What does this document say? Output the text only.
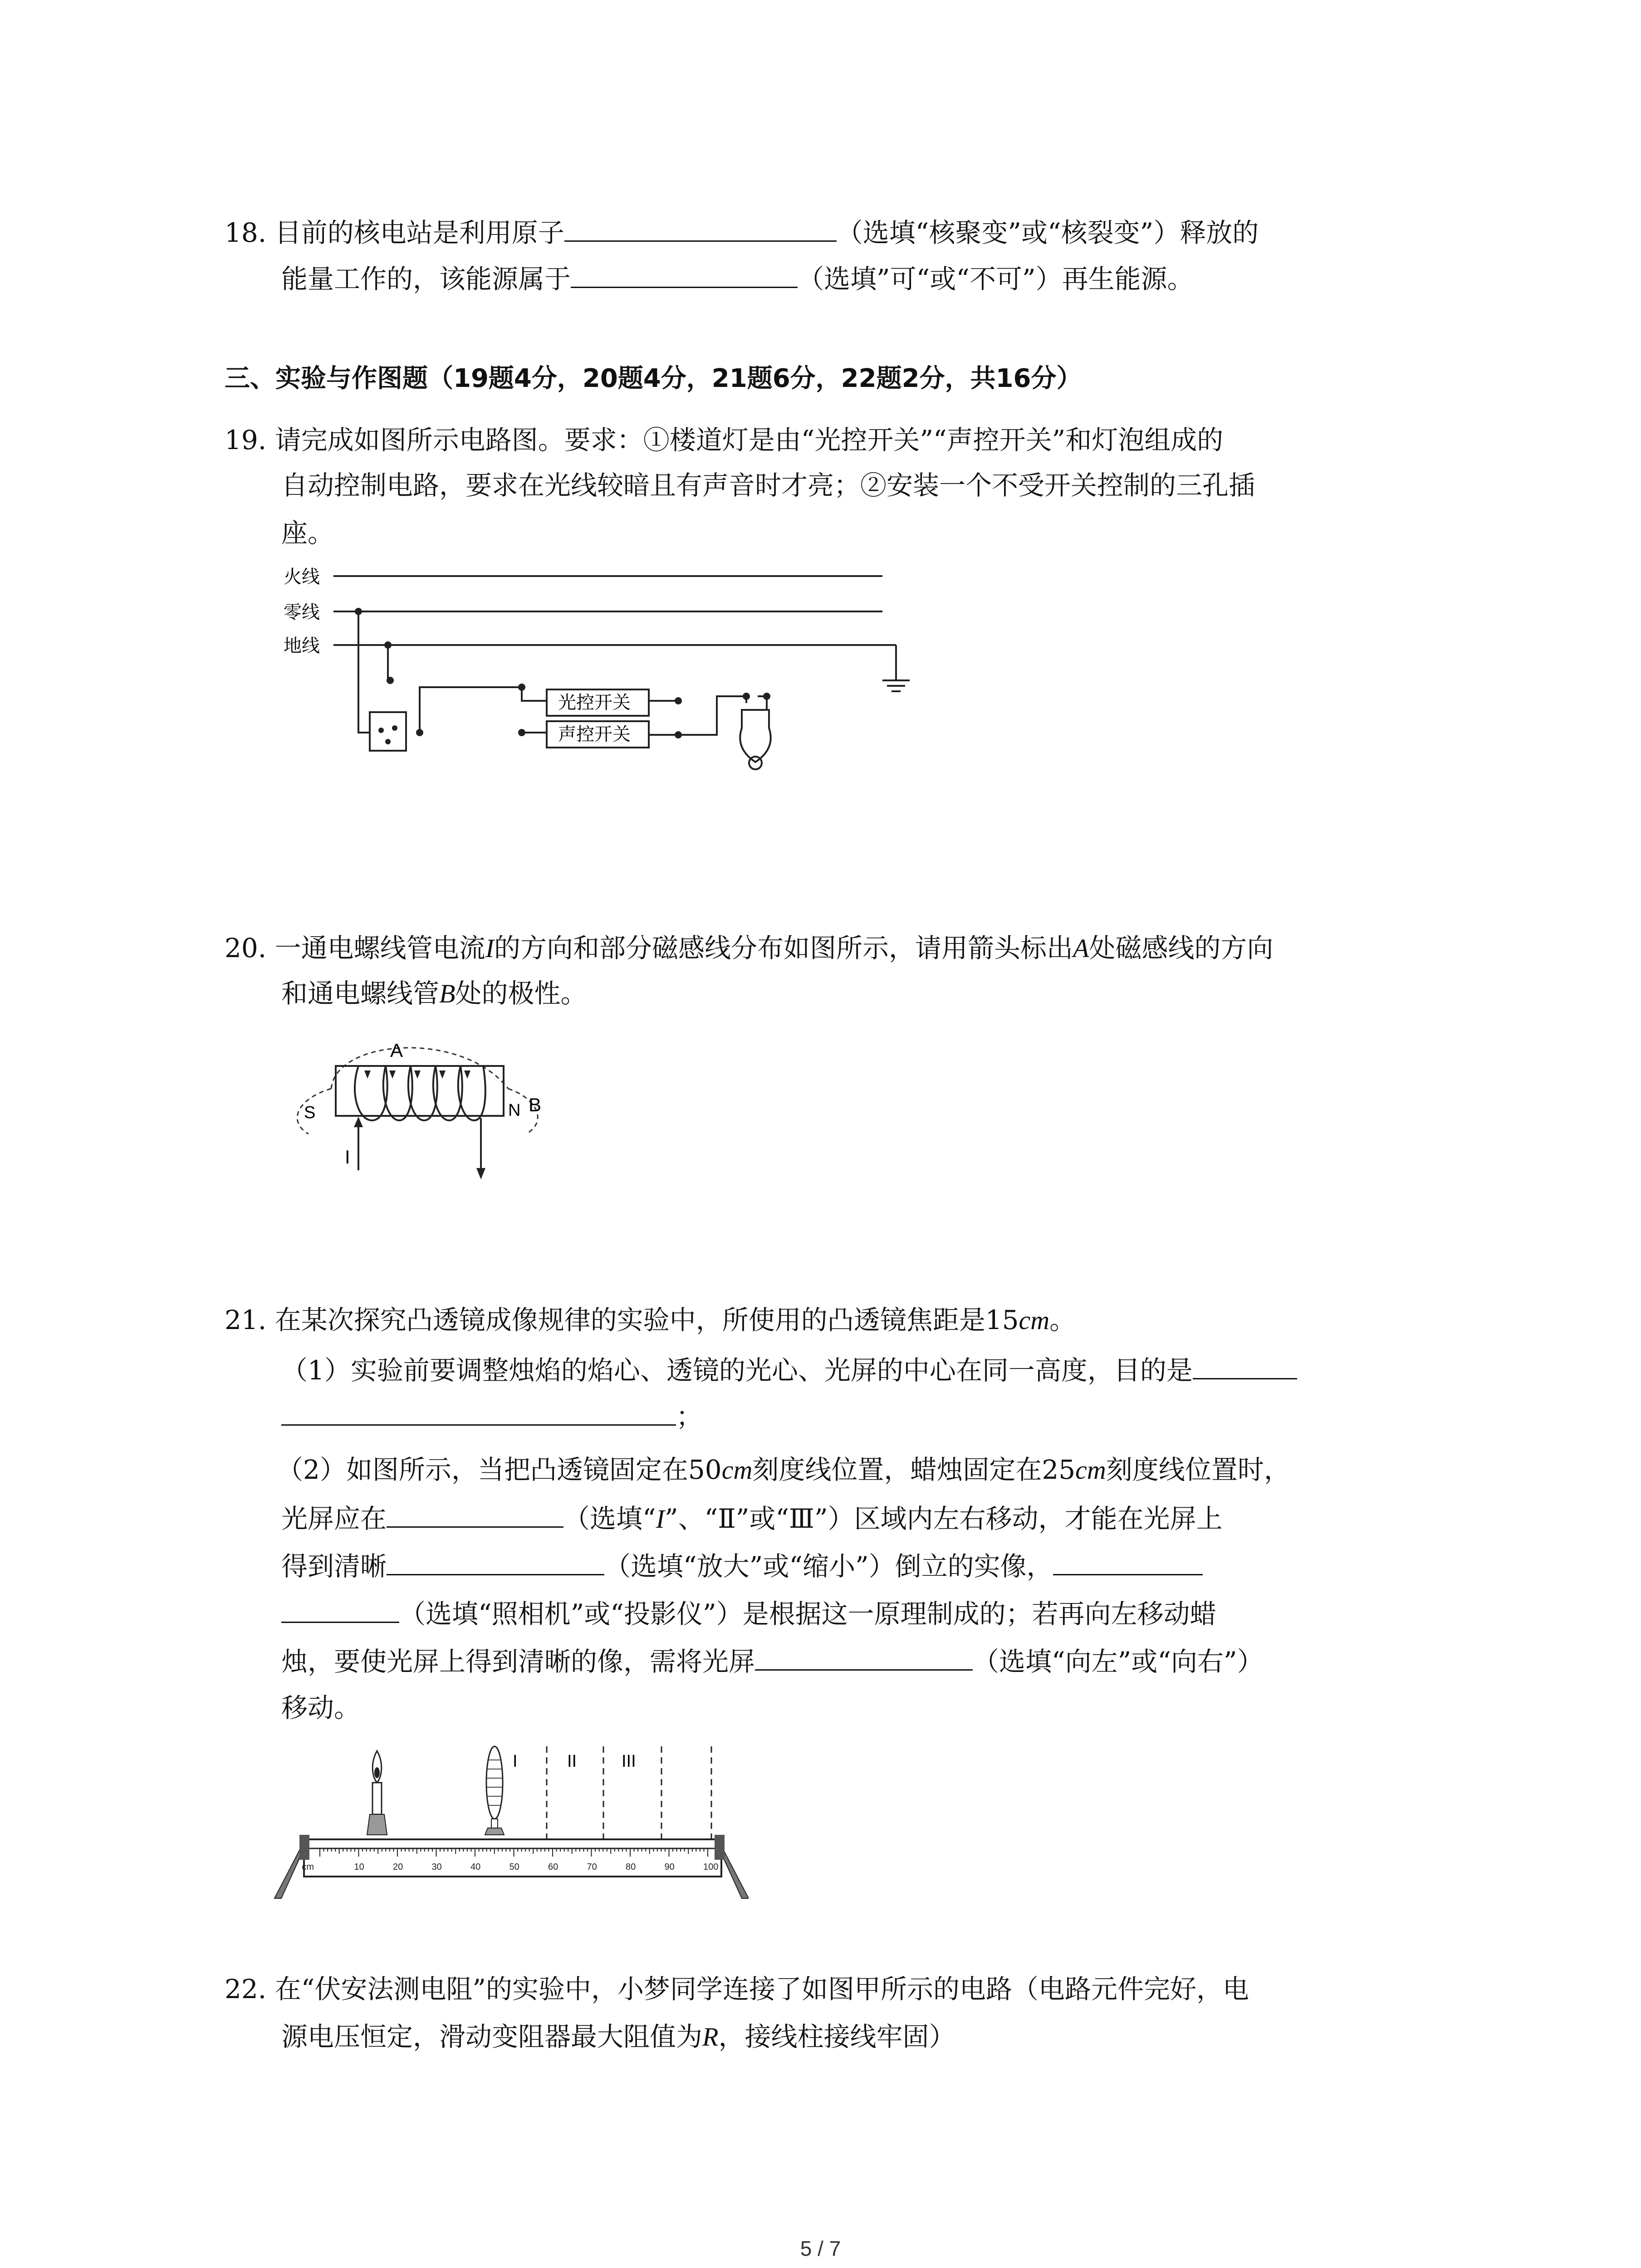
18. 目前的核电站是利用原子	（选填“核聚变”或“核裂变”）释放的
能量工作的，该能源属于	（选填”可“或“不可”）再生能源。
三、实验与作图题（19题4分，20题4分，21题6分，22题2分，共16分）
19. 请完成如图所示电路图。要求：①楼道灯是由“光控开关”“声控开关”和灯泡组成的
自动控制电路，要求在光线较暗且有声音时才亮；②安装一个不受开关控制的三孔插
座。
火线
零线
地线
光控开关
声控开关
20. 一通电螺线管电流I的方向和部分磁感线分布如图所示，请用箭头标出A处磁感线的方向
和通电螺线管B处的极性。
A
S	N B
I
21. 在某次探究凸透镜成像规律的实验中，所使用的凸透镜焦距是15cm。
（1）实验前要调整烛焰的焰心、透镜的光心、光屏的中心在同一高度，目的是
；
（2）如图所示，当把凸透镜固定在50cm刻度线位置，蜡烛固定在25cm刻度线位置时，
光屏应在	（选填“I”、“Ⅱ”或“Ⅲ”）区域内左右移动，才能在光屏上
得到清晰	（选填“放大”或“缩小”）倒立的实像，
（选填“照相机”或“投影仪”）是根据这一原理制成的；若再向左移动蜡
烛，要使光屏上得到清晰的像，需将光屏	（选填“向左”或“向右”）
移动。
cm	10	20	30	40	50	60	70	80	90	100
I	II	III
22. 在“伏安法测电阻”的实验中，小梦同学连接了如图甲所示的电路（电路元件完好，电
源电压恒定，滑动变阻器最大阻值为R，接线柱接线牢固）
5 / 7
